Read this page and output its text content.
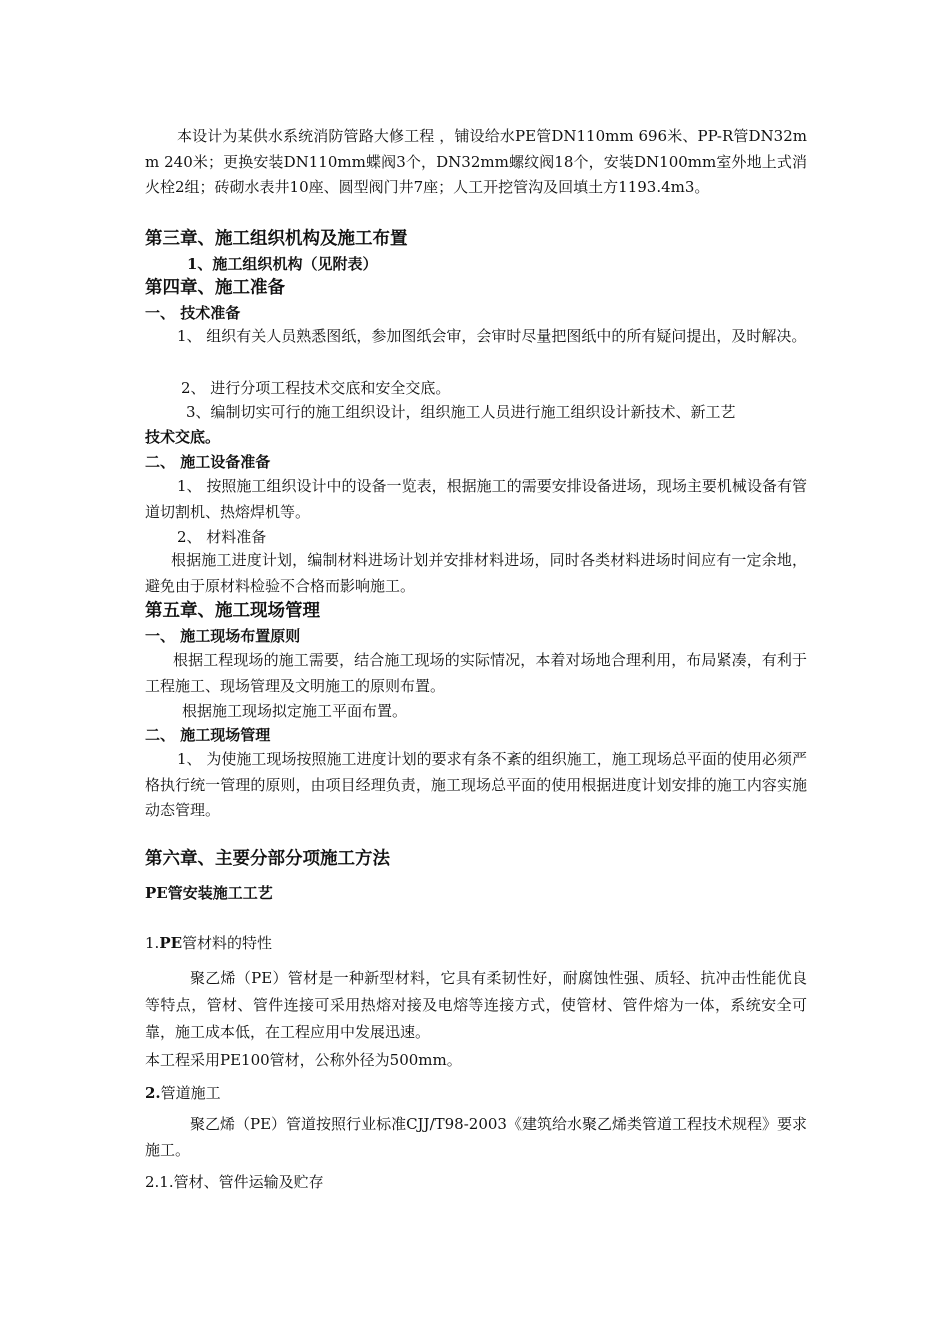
本设计为某供水系统消防管路大修工程 ，铺设给水PE管DN110mm 696米、PP-R管DN32mm 240米；更换安装DN110mm蝶阀3个，DN32mm螺纹阀18个，安装DN100mm室外地上式消火栓2组；砖砌水表井10座、圆型阀门井7座；人工开挖管沟及回填土方1193.4m3。

第三章、施工组织机构及施工布置
1、施工组织机构（见附表）
第四章、施工准备
一、 技术准备

1、 组织有关人员熟悉图纸，参加图纸会审，会审时尽量把图纸中的所有疑问提出，及时解决。

2、 进行分项工程技术交底和安全交底。

3、编制切实可行的施工组织设计，组织施工人员进行施工组织设计新技术、新工艺

技术交底。

二、 施工设备准备

1、 按照施工组织设计中的设备一览表，根据施工的需要安排设备进场，现场主要机械设备有管道切割机、热熔焊机等。

2、 材料准备

根据施工进度计划，编制材料进场计划并安排材料进场，同时各类材料进场时间应有一定余地，避免由于原材料检验不合格而影响施工。

第五章、施工现场管理
一、 施工现场布置原则

根据工程现场的施工需要，结合施工现场的实际情况，本着对场地合理利用，布局紧凑，有利于工程施工、现场管理及文明施工的原则布置。

根据施工现场拟定施工平面布置。

二、 施工现场管理

1、 为使施工现场按照施工进度计划的要求有条不紊的组织施工，施工现场总平面的使用必须严格执行统一管理的原则，由项目经理负责，施工现场总平面的使用根据进度计划安排的施工内容实施动态管理。

第六章、主要分部分项施工方法
PE管安装施工工艺

1.PE管材料的特性

聚乙烯（PE）管材是一种新型材料，它具有柔韧性好，耐腐蚀性强、质轻、抗冲击性能优良等特点，管材、管件连接可采用热熔对接及电熔等连接方式，使管材、管件熔为一体，系统安全可靠，施工成本低，在工程应用中发展迅速。

本工程采用PE100管材，公称外径为500mm。

2.管道施工

聚乙烯（PE）管道按照行业标准CJJ/T98-2003《建筑给水聚乙烯类管道工程技术规程》要求施工。

2.1.管材、管件运输及贮存
